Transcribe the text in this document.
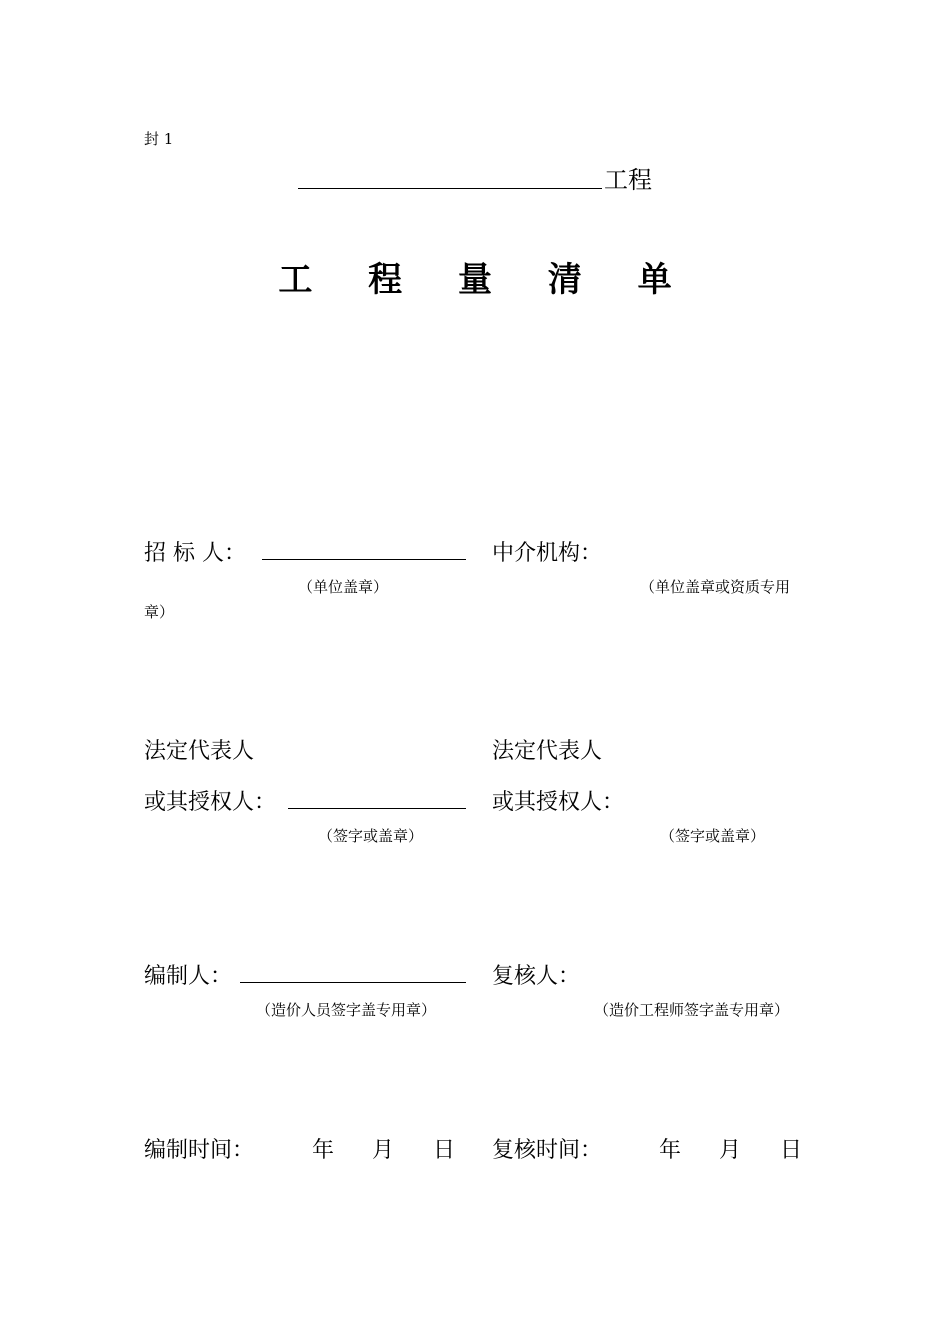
封 1
工程
工 程 量 清 单
招 标 人：
（单位盖章）
中介机构：
（单位盖章或资质专用
章）
法定代表人
或其授权人：
（签字或盖章）
法定代表人
或其授权人：
（签字或盖章）
编制人：
（造价人员签字盖专用章）
复核人：
（造价工程师签字盖专用章）
编制时间：	年 月 日 复核时间：	年 月 日
